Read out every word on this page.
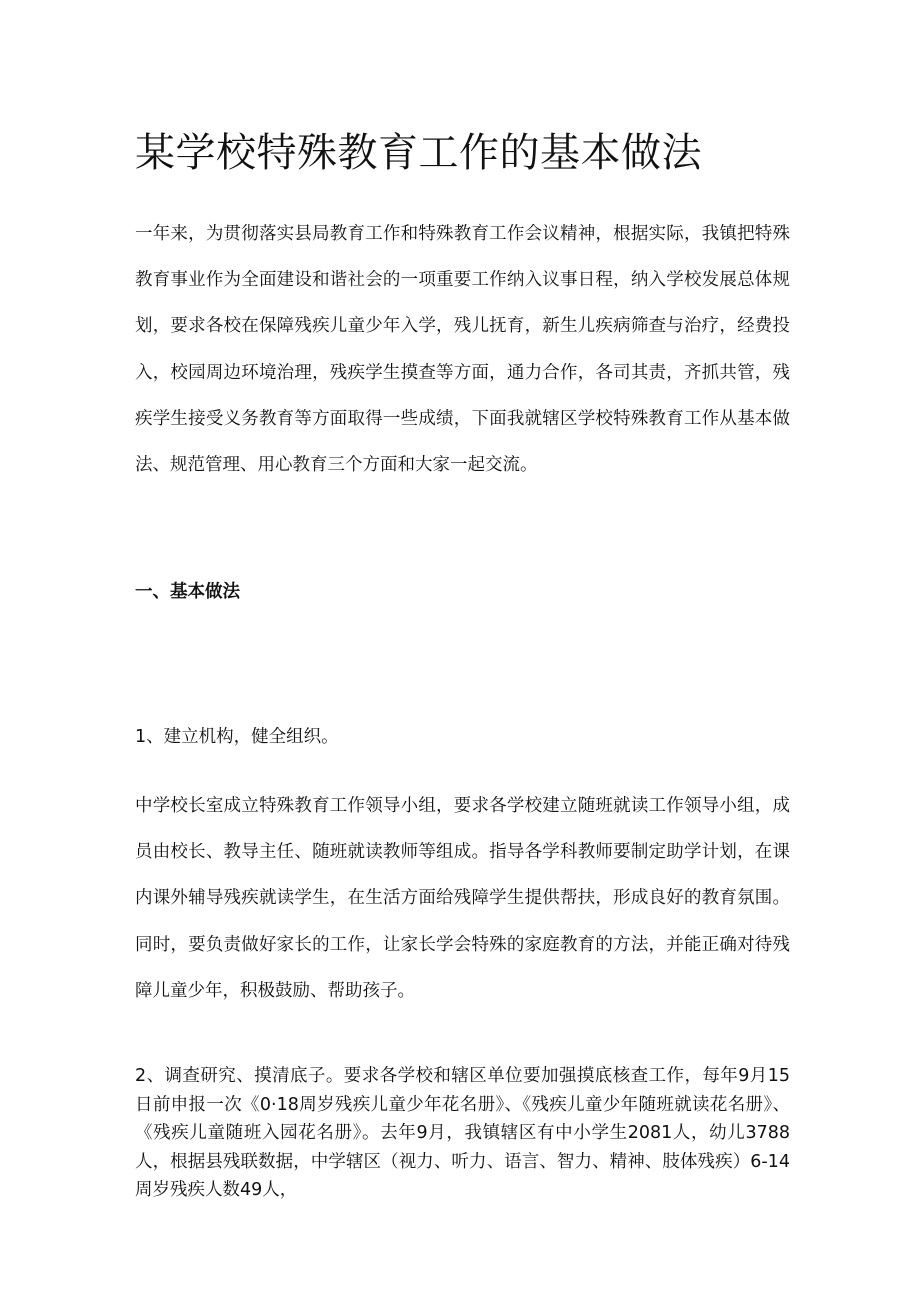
某学校特殊教育工作的基本做法

一年来，为贯彻落实县局教育工作和特殊教育工作会议精神，根据实际，我镇把特殊教育事业作为全面建设和谐社会的一项重要工作纳入议事日程，纳入学校发展总体规划，要求各校在保障残疾儿童少年入学，残儿抚育，新生儿疾病筛查与治疗，经费投入，校园周边环境治理，残疾学生摸查等方面，通力合作，各司其责，齐抓共管，残疾学生接受义务教育等方面取得一些成绩，下面我就辖区学校特殊教育工作从基本做法、规范管理、用心教育三个方面和大家一起交流。

一、基本做法

1、建立机构，健全组织。

中学校长室成立特殊教育工作领导小组，要求各学校建立随班就读工作领导小组，成员由校长、教导主任、随班就读教师等组成。指导各学科教师要制定助学计划，在课内课外辅导残疾就读学生，在生活方面给残障学生提供帮扶，形成良好的教育氛围。同时，要负责做好家长的工作，让家长学会特殊的家庭教育的方法，并能正确对待残障儿童少年，积极鼓励、帮助孩子。

2、调查研究、摸清底子。要求各学校和辖区单位要加强摸底核查工作，每年9月15日前申报一次《0·18周岁残疾儿童少年花名册》、《残疾儿童少年随班就读花名册》、《残疾儿童随班入园花名册》。去年9月，我镇辖区有中小学生2081人，幼儿3788人，根据县残联数据，中学辖区（视力、听力、语言、智力、精神、肢体残疾）6-14周岁残疾人数49人，
